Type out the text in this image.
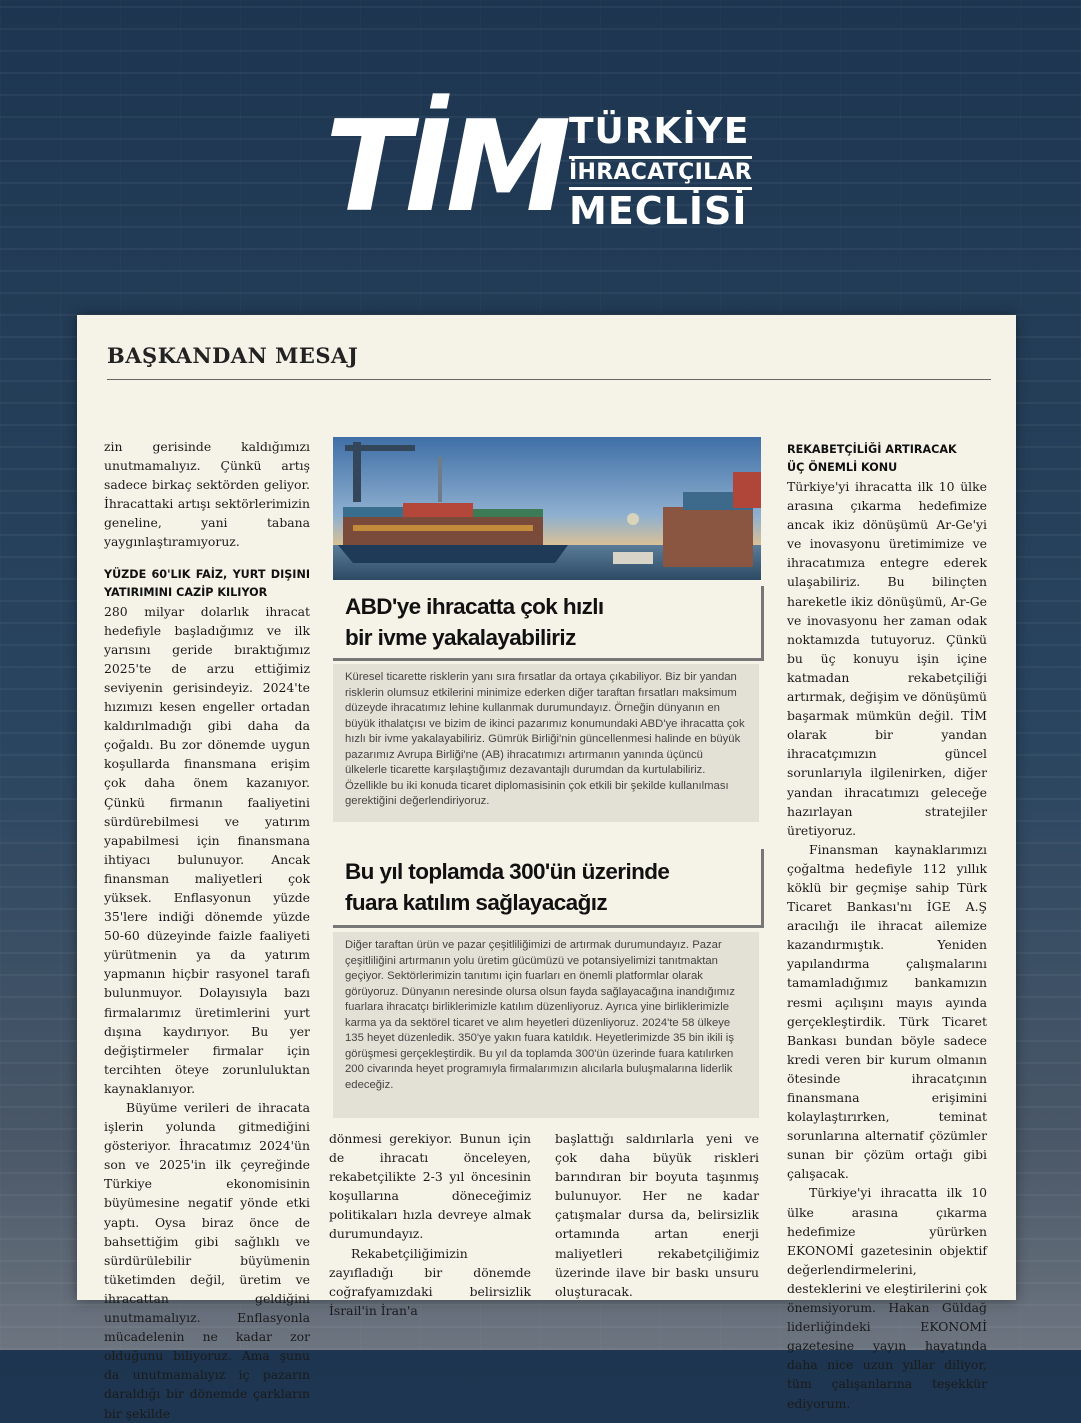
TİM TÜRKİYE
İHRACATÇILAR
MECLİSİ
BAŞKANDAN MESAJ

zin gerisinde kaldığımızı unutmamalıyız. Çünkü artış sadece birkaç sektörden geliyor. İhracattaki artışı sektörlerimizin geneline, yani tabana yaygınlaştıramıyoruz.

YÜZDE 60'LIK FAİZ, YURT DIŞINI YATIRIMINI CAZİP KILIYOR

280 milyar dolarlık ihracat hedefiyle başladığımız ve ilk yarısını geride bıraktığımız 2025'te de arzu ettiğimiz seviyenin gerisindeyiz. 2024'te hızımızı kesen engeller ortadan kaldırılmadığı gibi daha da çoğaldı. Bu zor dönemde uygun koşullarda finansmana erişim çok daha önem kazanıyor. Çünkü firmanın faaliyetini sürdürebilmesi ve yatırım yapabilmesi için finansmana ihtiyacı bulunuyor. Ancak finansman maliyetleri çok yüksek. Enflasyonun yüzde 35'lere indiği dönemde yüzde 50-60 düzeyinde faizle faaliyeti yürütmenin ya da yatırım yapmanın hiçbir rasyonel tarafı bulunmuyor. Dolayısıyla bazı firmalarımız üretimlerini yurt dışına kaydırıyor. Bu yer değiştirmeler firmalar için tercihten öteye zorunluluktan kaynaklanıyor.

Büyüme verileri de ihracata işlerin yolunda gitmediğini gösteriyor. İhracatımız 2024'ün son ve 2025'in ilk çeyreğinde Türkiye ekonomisinin büyümesine negatif yönde etki yaptı. Oysa biraz önce de bahsettiğim gibi sağlıklı ve sürdürülebilir büyümenin tüketimden değil, üretim ve ihracattan geldiğini unutmamalıyız. Enflasyonla mücadelenin ne kadar zor olduğunu biliyoruz. Ama şunu da unutmamalıyız iç pazarın daraldığı bir dönemde çarkların bir şekilde

ABD'ye ihracatta çok hızlı
bir ivme yakalayabiliriz

Küresel ticarette risklerin yanı sıra fırsatlar da ortaya çıkabiliyor. Biz bir yandan risklerin olumsuz etkilerini minimize ederken diğer taraftan fırsatları maksimum düzeyde ihracatımız lehine kullanmak durumundayız. Örneğin dünyanın en büyük ithalatçısı ve bizim de ikinci pazarımız konumundaki ABD'ye ihracatta çok hızlı bir ivme yakalayabiliriz. Gümrük Birliği'nin güncellenmesi halinde en büyük pazarımız Avrupa Birliği'ne (AB) ihracatımızı artırmanın yanında üçüncü ülkelerle ticarette karşılaştığımız dezavantajlı durumdan da kurtulabiliriz. Özellikle bu iki konuda ticaret diplomasisinin çok etkili bir şekilde kullanılması gerektiğini değerlendiriyoruz.

Bu yıl toplamda 300'ün üzerinde
fuara katılım sağlayacağız

Diğer taraftan ürün ve pazar çeşitliliğimizi de artırmak durumundayız. Pazar çeşitliliğini artırmanın yolu üretim gücümüzü ve potansiyelimizi tanıtmaktan geçiyor. Sektörlerimizin tanıtımı için fuarları en önemli platformlar olarak görüyoruz. Dünyanın neresinde olursa olsun fayda sağlayacağına inandığımız fuarlara ihracatçı birliklerimizle katılım düzenliyoruz. Ayrıca yine birliklerimizle karma ya da sektörel ticaret ve alım heyetleri düzenliyoruz. 2024'te 58 ülkeye 135 heyet düzenledik. 350'ye yakın fuara katıldık. Heyetlerimizde 35 bin ikili iş görüşmesi gerçekleştirdik. Bu yıl da toplamda 300'ün üzerinde fuara katılırken 200 civarında heyet programıyla firmalarımızın alıcılarla buluşmalarına liderlik edeceğiz.

dönmesi gerekiyor. Bunun için de ihracatı önceleyen, rekabetçilikte 2-3 yıl öncesinin koşullarına döneceğimiz politikaları hızla devreye almak durumundayız.

Rekabetçiliğimizin zayıfladığı bir dönemde coğrafyamızdaki belirsizlik İsrail'in İran'a

başlattığı saldırılarla yeni ve çok daha büyük riskleri barındıran bir boyuta taşınmış bulunuyor. Her ne kadar çatışmalar dursa da, belirsizlik ortamında artan enerji maliyetleri rekabetçiliğimiz üzerinde ilave bir baskı unsuru oluşturacak.

REKABETÇİLİĞİ ARTIRACAK
ÜÇ ÖNEMLİ KONU

Türkiye'yi ihracatta ilk 10 ülke arasına çıkarma hedefimize ancak ikiz dönüşümü Ar-Ge'yi ve inovasyonu üretimimize ve ihracatımıza entegre ederek ulaşabiliriz. Bu bilinçten hareketle ikiz dönüşümü, Ar-Ge ve inovasyonu her zaman odak noktamızda tutuyoruz. Çünkü bu üç konuyu işin içine katmadan rekabetçiliği artırmak, değişim ve dönüşümü başarmak mümkün değil. TİM olarak bir yandan ihracatçımızın güncel sorunlarıyla ilgilenirken, diğer yandan ihracatımızı geleceğe hazırlayan stratejiler üretiyoruz.

Finansman kaynaklarımızı çoğaltma hedefiyle 112 yıllık köklü bir geçmişe sahip Türk Ticaret Bankası'nı İGE A.Ş aracılığı ile ihracat ailemize kazandırmıştık. Yeniden yapılandırma çalışmalarını tamamladığımız bankamızın resmi açılışını mayıs ayında gerçekleştirdik. Türk Ticaret Bankası bundan böyle sadece kredi veren bir kurum olmanın ötesinde ihracatçının finansmana erişimini kolaylaştırırken, teminat sorunlarına alternatif çözümler sunan bir çözüm ortağı gibi çalışacak.

Türkiye'yi ihracatta ilk 10 ülke arasına çıkarma hedefimize yürürken EKONOMİ gazetesinin objektif değerlendirmelerini, desteklerini ve eleştirilerini çok önemsiyorum. Hakan Güldağ liderliğindeki EKONOMİ gazetesine yayın hayatında daha nice uzun yıllar diliyor, tüm çalışanlarına teşekkür ediyorum.
